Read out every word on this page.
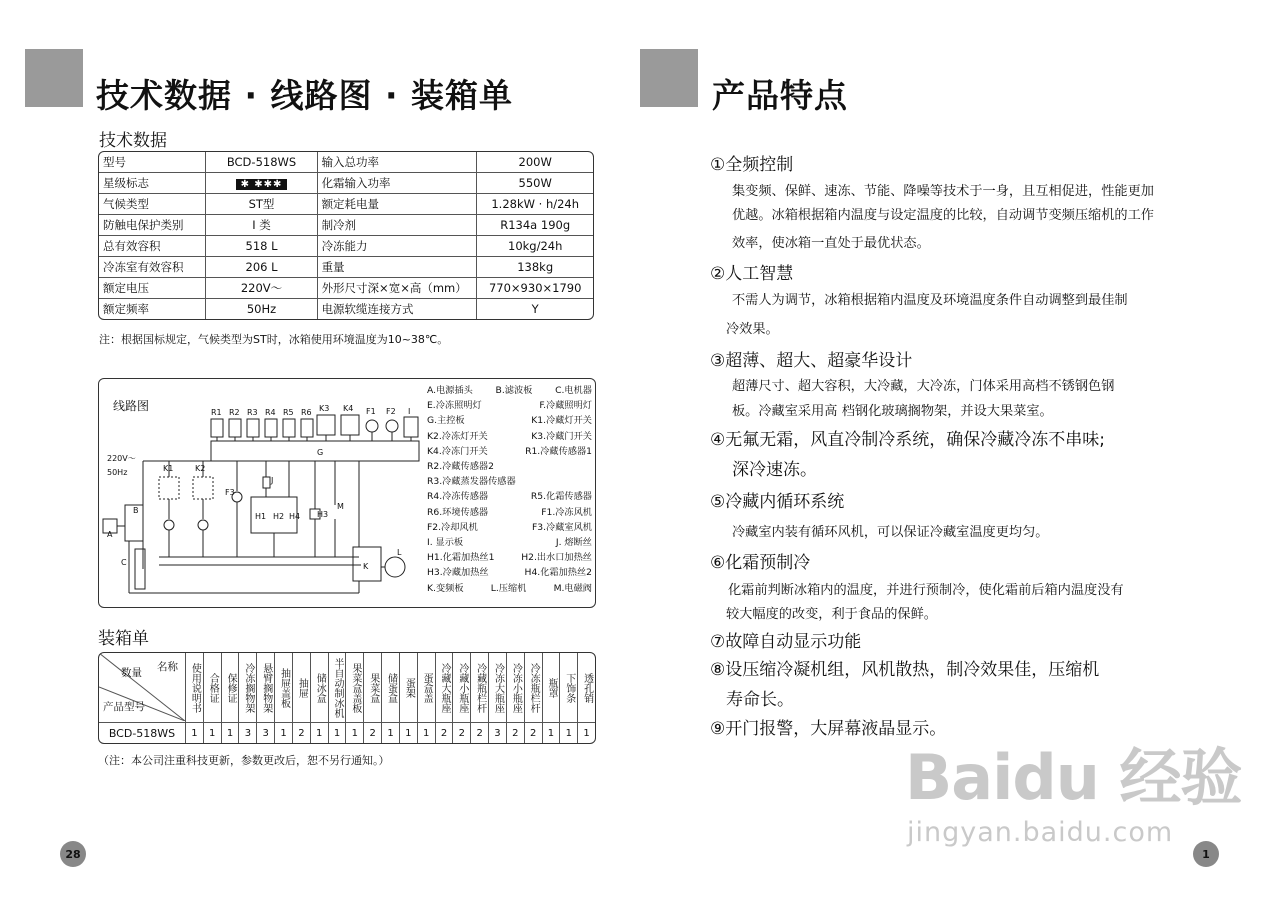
技术数据 · 线路图 · 装箱单
技术数据
型号	BCD-518WS	输入总功率	200W
星级标志	✱ ✱✱✱	化霜输入功率	550W
气候类型	ST型	额定耗电量	1.28kW · h/24h
防触电保护类别	Ⅰ 类	制冷剂	R134a 190g
总有效容积	518 L	冷冻能力	10kg/24h
冷冻室有效容积	206 L	重量	138kg
额定电压	220V～	外形尺寸深×宽×高（mm）	770×930×1790
额定频率	50Hz	电源软缆连接方式	Y
注：根据国标规定，气候类型为ST时，冰箱使用环境温度为10~38℃。
R1 R2 R3 R4 R5 R6 K3 K4 F1 F2 I
G
220V～
50Hz	K1	K2
F3
J
H1 H2 H4 H3
M
A
B
C	K
L
线路图
A.电源插头 B.滤波板 C.电机器
E.冷冻照明灯	F.冷藏照明灯
G.主控板	K1.冷藏灯开关
K2.冷冻灯开关	K3.冷藏门开关
K4.冷冻门开关	R1.冷藏传感器1
R2.冷藏传感器2
R3.冷藏蒸发器传感器
R4.冷冻传感器	R5.化霜传感器
R6.环境传感器	F1.冷冻风机
F2.冷却风机	F3.冷藏室风机
I. 显示板	J. 熔断丝
H1.化霜加热丝1	H2.出水口加热丝
H3.冷藏加热丝	H4.化霜加热丝2
K.变频板	L.压缩机	M.电磁阀
装箱单
名称
数量
产品型号	使用说明书	合格证	保修证	冷冻搁物架	悬臂搁物架	抽屉盖板	抽屉	储冰盒	半自动制冰机	果菜盒盖板	果菜盒	储蛋盒	蛋架	蛋盒盖	冷藏大瓶座	冷藏小瓶座	冷藏瓶栏杆	冷冻大瓶座	冷冻小瓶座	冷冻瓶栏杆	瓶罩	下饰条	透孔销

BCD-518WS	1	1	1	3	3	1	2	1	1	1	2	1	1	1	2	2	2	3	2	2	1	1	1
（注：本公司注重科技更新，参数更改后，恕不另行通知。）
28
产品特点
①全频控制
集变频、保鲜、速冻、节能、降噪等技术于一身，且互相促进，性能更加
优越。冰箱根据箱内温度与设定温度的比较，自动调节变频压缩机的工作
效率，使冰箱一直处于最优状态。
②人工智慧
不需人为调节，冰箱根据箱内温度及环境温度条件自动调整到最佳制
冷效果。
③超薄、超大、超豪华设计
超薄尺寸、超大容积，大冷藏，大冷冻，门体采用高档不锈钢色钢
板。冷藏室采用高 档钢化玻璃搁物架，并设大果菜室。
④无氟无霜，风直冷制冷系统，确保冷藏冷冻不串味;
深冷速冻。
⑤冷藏内循环系统
冷藏室内装有循环风机，可以保证冷藏室温度更均匀。
⑥化霜预制冷
化霜前判断冰箱内的温度，并进行预制冷，使化霜前后箱内温度没有
较大幅度的改变，利于食品的保鲜。
⑦故障自动显示功能
⑧设压缩冷凝机组，风机散热，制冷效果佳，压缩机
寿命长。
⑨开门报警，大屏幕液晶显示。
Baidu 经验
jingyan.baidu.com
1
